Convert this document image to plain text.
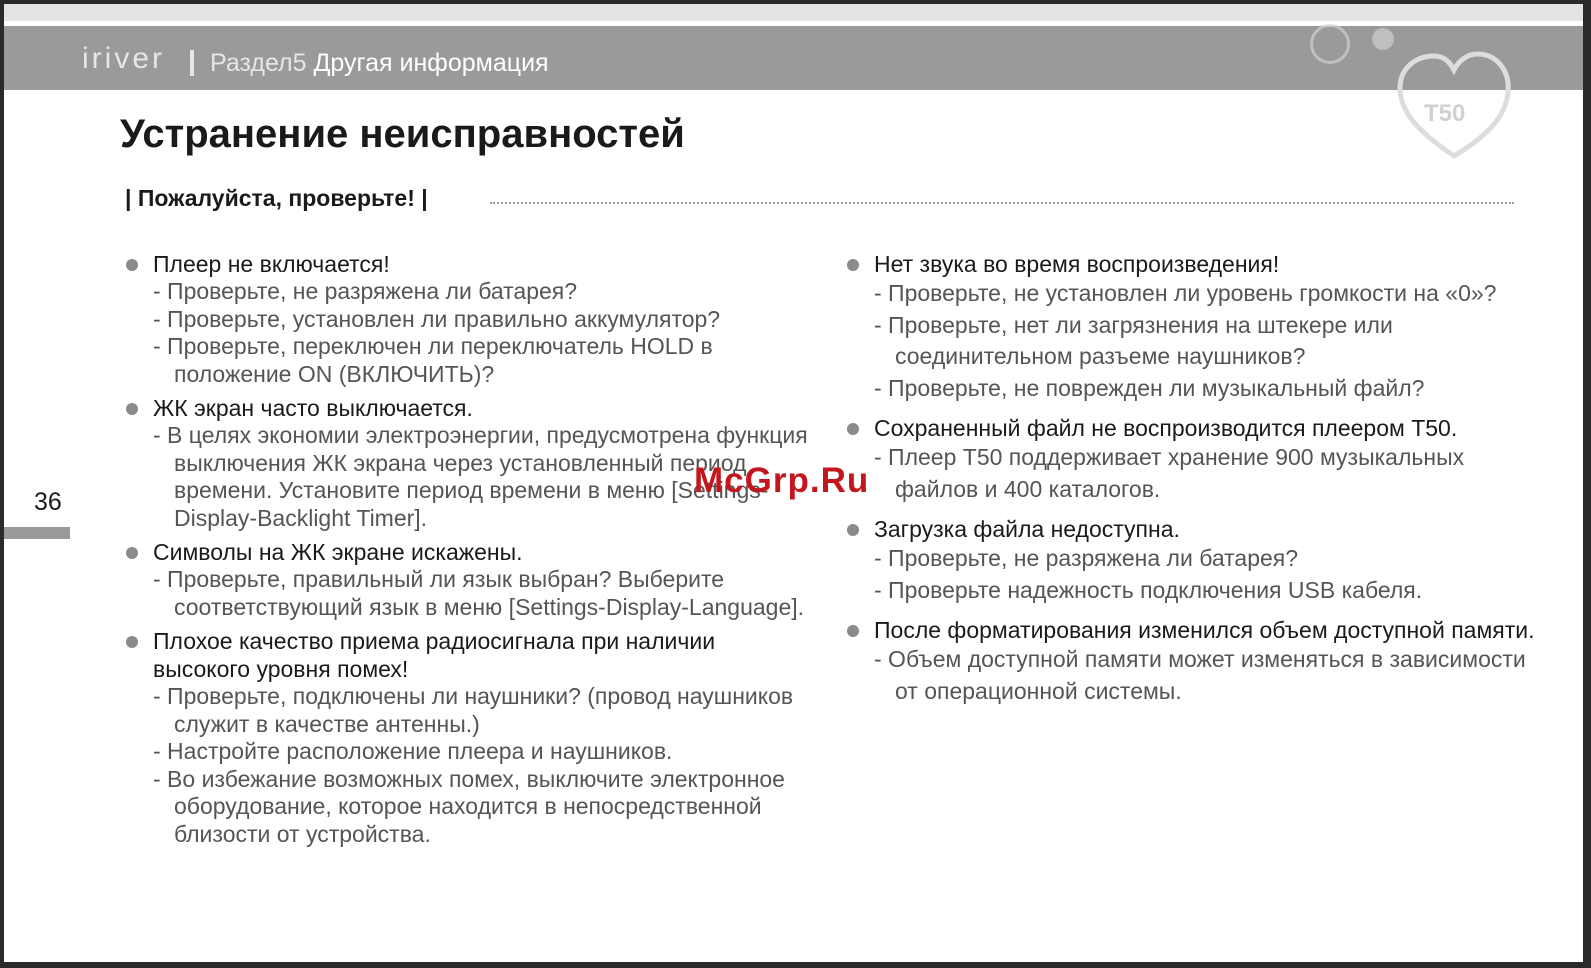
iriver Раздел5 Другая информация
T50
Устранение неисправностей
| Пожалуйста, проверьте! |
36
Плеер не включается!
- Проверьте, не разряжена ли батарея?
- Проверьте, установлен ли правильно аккумулятор?
- Проверьте, переключен ли переключатель HOLD в положение ON (ВКЛЮЧИТЬ)?
ЖК экран часто выключается.
- В целях экономии электроэнергии, предусмотрена функция выключения ЖК экрана через установленный период времени. Установите период времени в меню [Settings-Display-Backlight Timer].
Символы на ЖК экране искажены.
- Проверьте, правильный ли язык выбран? Выберите соответствующий язык в меню [Settings-Display-Language].
Плохое качество приема радиосигнала при наличии высокого уровня помех!
- Проверьте, подключены ли наушники? (провод наушников служит в качестве антенны.)
- Настройте расположение плеера и наушников.
- Во избежание возможных помех, выключите электронное оборудование, которое находится в непосредственной близости от устройства.
Нет звука во время воспроизведения!
- Проверьте, не установлен ли уровень громкости на «0»?
- Проверьте, нет ли загрязнения на штекере или соединительном разъеме наушников?
- Проверьте, не поврежден ли музыкальный файл?
Сохраненный файл не воспроизводится плеером T50.
- Плеер T50 поддерживает хранение 900 музыкальных файлов и 400 каталогов.
Загрузка файла недоступна.
- Проверьте, не разряжена ли батарея?
- Проверьте надежность подключения USB кабеля.
После форматирования изменился объем доступной памяти.
- Объем доступной памяти может изменяться в зависимости от операционной системы.
McGrp.Ru
